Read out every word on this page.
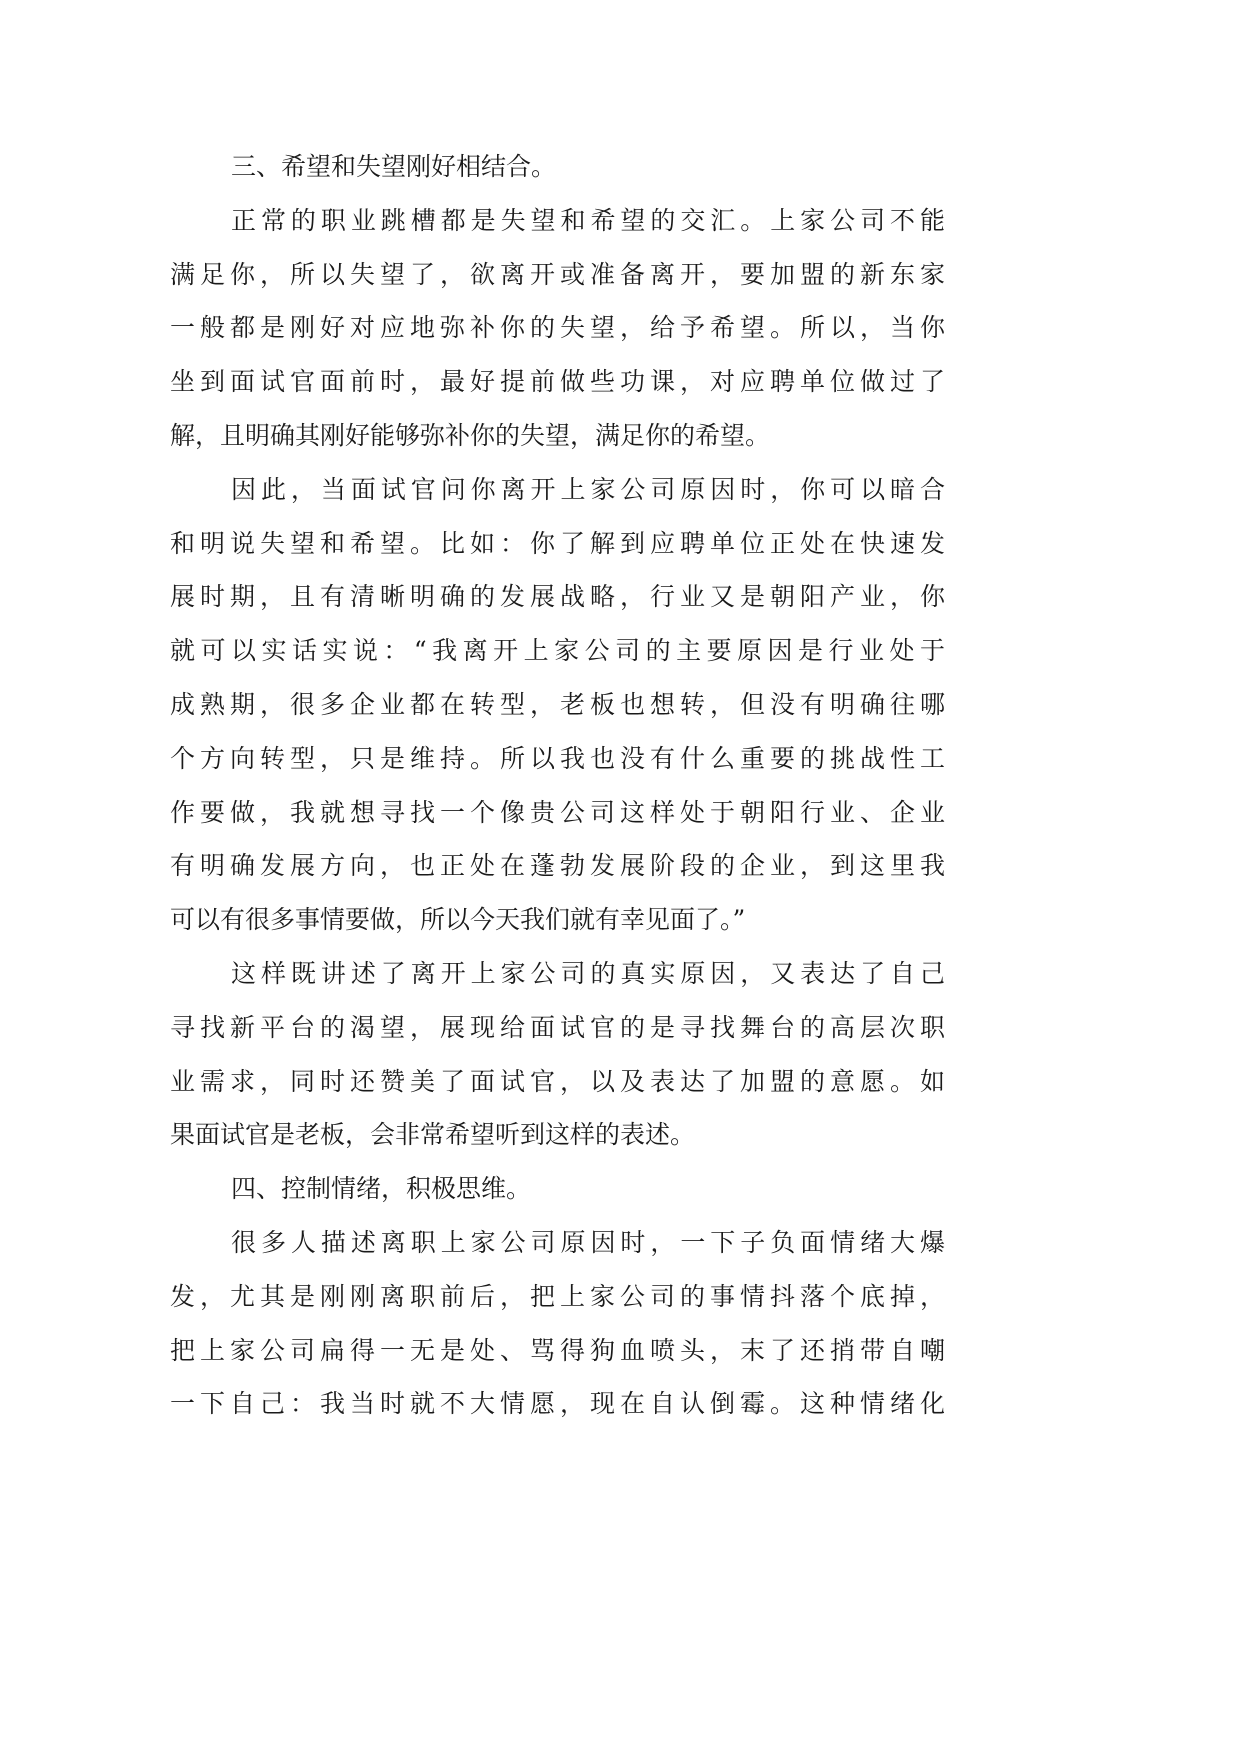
三、希望和失望刚好相结合。
正常的职业跳槽都是失望和希望的交汇。上家公司不能
满足你，所以失望了，欲离开或准备离开，要加盟的新东家
一般都是刚好对应地弥补你的失望，给予希望。所以，当你
坐到面试官面前时，最好提前做些功课，对应聘单位做过了
解，且明确其刚好能够弥补你的失望，满足你的希望。
因此，当面试官问你离开上家公司原因时，你可以暗合
和明说失望和希望。比如：你了解到应聘单位正处在快速发
展时期，且有清晰明确的发展战略，行业又是朝阳产业，你
就可以实话实说：“我离开上家公司的主要原因是行业处于
成熟期，很多企业都在转型，老板也想转，但没有明确往哪
个方向转型，只是维持。所以我也没有什么重要的挑战性工
作要做，我就想寻找一个像贵公司这样处于朝阳行业、企业
有明确发展方向，也正处在蓬勃发展阶段的企业，到这里我
可以有很多事情要做，所以今天我们就有幸见面了。”
这样既讲述了离开上家公司的真实原因，又表达了自己
寻找新平台的渴望，展现给面试官的是寻找舞台的高层次职
业需求，同时还赞美了面试官，以及表达了加盟的意愿。如
果面试官是老板，会非常希望听到这样的表述。
四、控制情绪，积极思维。
很多人描述离职上家公司原因时，一下子负面情绪大爆
发，尤其是刚刚离职前后，把上家公司的事情抖落个底掉，
把上家公司扁得一无是处、骂得狗血喷头，末了还捎带自嘲
一下自己：我当时就不大情愿，现在自认倒霉。这种情绪化
